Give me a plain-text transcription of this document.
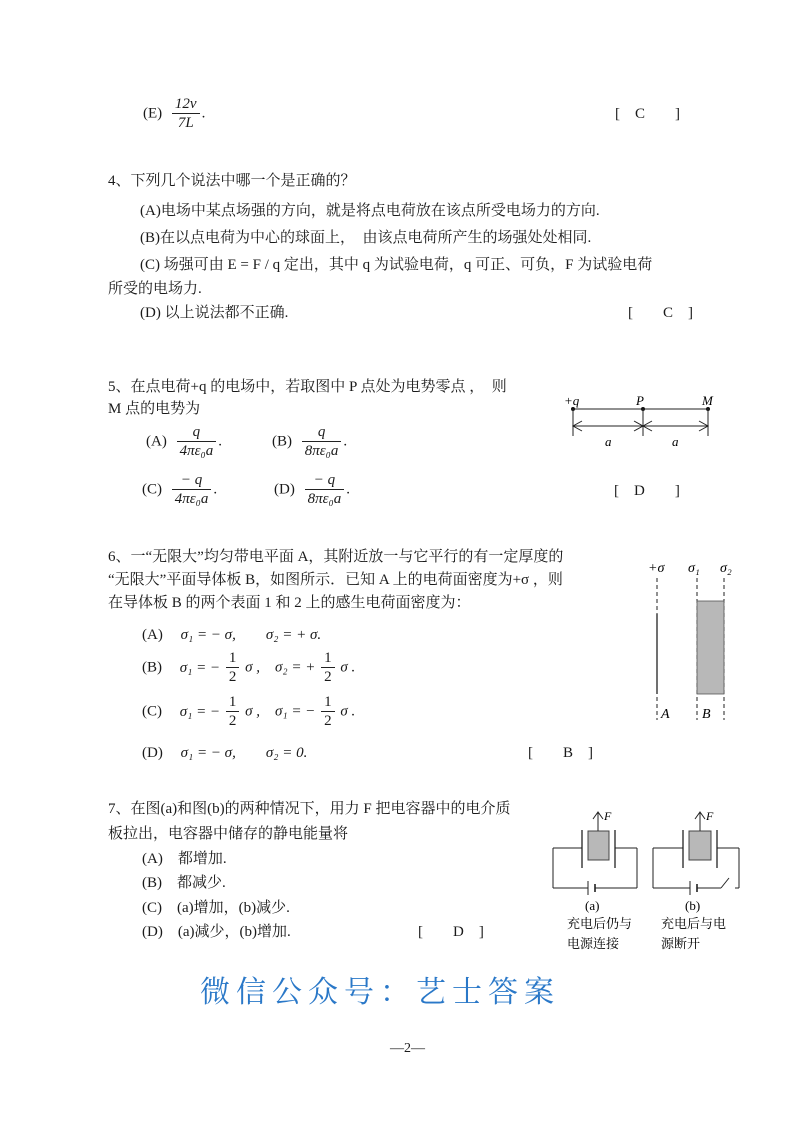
$(E) \frac{12v}{7L}$ .	[　C　　]
4、下列几个说法中哪一个是正确的？
(A)电场中某点场强的方向，就是将点电荷放在该点所受电场力的方向.
(B)在以点电荷为中心的球面上，　由该点电荷所产生的场强处处相同.
(C) 场强可由 E = F / q 定出，其中 q 为试验电荷，q 可正、可负，F 为试验电荷
所受的电场力.
(D) 以上说法都不正确.	[　　C　]
5、在点电荷+q 的电场中，若取图中 P 点处为电势零点 ，　则
M 点的电势为
$(A) \frac{q}{\text{4πε₀a}}$ .	$(B) \frac{q}{\text{8πε₀a}}$ .
$(C) \frac{- q}{\text{4πε₀a}}$ .	$(D) \frac{- q}{\text{8πε₀a}}$ .	[　D　　]
+q	P	M
a	a
6、一“无限大”均匀带电平面 A，其附近放一与它平行的有一定厚度的
“无限大”平面导体板 B，如图所示．已知 A 上的电荷面密度为+σ ，则
在导体板 B 的两个表面 1 和 2 上的感生电荷面密度为：
(A) σ₁ = − σ,　　σ₂ = + σ.
(B) σ₁ = − $\frac{1}{2}$ σ ,　σ₂ = + $\frac{1}{2}$ σ .
(C) σ₁ = − $\frac{1}{2}$ σ ,　σ₁ = − $\frac{1}{2}$ σ .
(D) σ₁ = − σ,　　σ₂ = 0.	[　　B　]
+σ σ₁ σ₂
A B
7、在图(a)和图(b)的两种情况下，用力 F 把电容器中的电介质
板拉出，电容器中储存的静电能量将
(A)　都增加.
(B)　都减少.
(C)　(a)增加，(b)减少.
(D)　(a)减少，(b)增加.	[　　D　]
F	F
(a)	(b)
充电后仍与
电源连接
充电后与电
源断开
微信公众号：艺士答案
—2—
